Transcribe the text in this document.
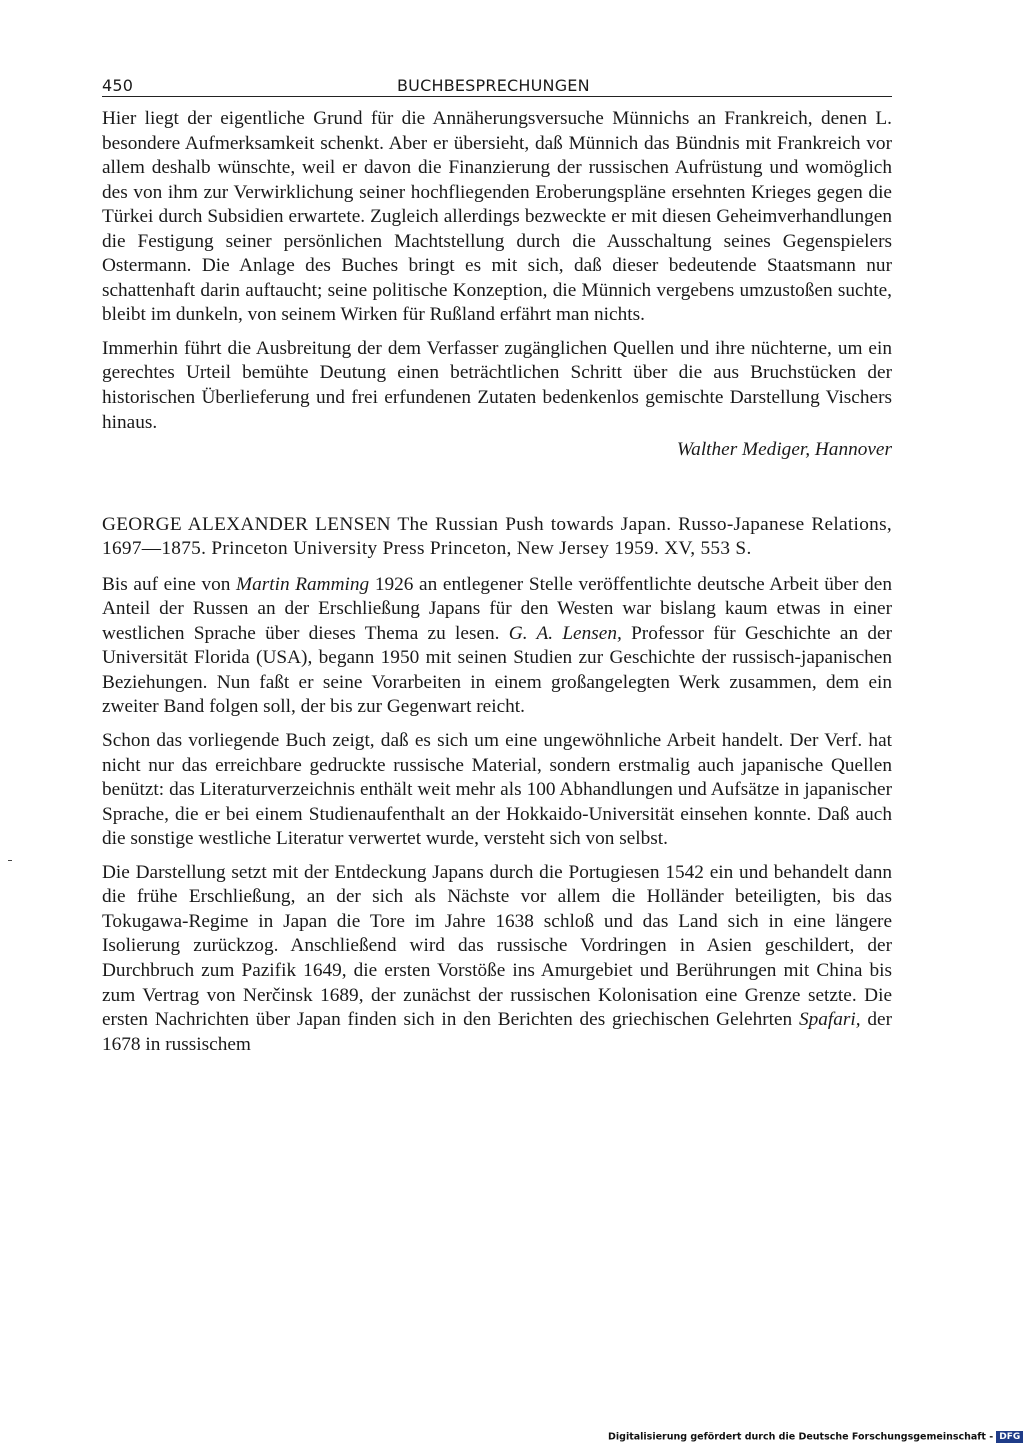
450	BUCHBESPRECHUNGEN

Hier liegt der eigentliche Grund für die Annäherungsversuche Münnichs an Frankreich, denen L. besondere Aufmerksamkeit schenkt. Aber er übersieht, daß Münnich das Bündnis mit Frankreich vor allem deshalb wünschte, weil er davon die Finanzierung der russischen Aufrüstung und womöglich des von ihm zur Verwirklichung seiner hochfliegenden Eroberungspläne ersehnten Krieges gegen die Türkei durch Subsidien erwartete. Zugleich allerdings bezweckte er mit diesen Geheimverhandlungen die Festigung seiner persönlichen Machtstellung durch die Ausschaltung seines Gegenspielers Ostermann. Die Anlage des Buches bringt es mit sich, daß dieser bedeutende Staatsmann nur schattenhaft darin auftaucht; seine politische Konzeption, die Münnich vergebens umzustoßen suchte, bleibt im dunkeln, von seinem Wirken für Rußland erfährt man nichts.

Immerhin führt die Ausbreitung der dem Verfasser zugänglichen Quellen und ihre nüchterne, um ein gerechtes Urteil bemühte Deutung einen beträchtlichen Schritt über die aus Bruchstücken der historischen Überlieferung und frei erfundenen Zutaten bedenkenlos gemischte Darstellung Vischers hinaus.

Walther Mediger, Hannover

GEORGE ALEXANDER LENSEN The Russian Push towards Japan. Russo-Japanese Relations, 1697—1875. Princeton University Press Princeton, New Jersey 1959. XV, 553 S.

Bis auf eine von Martin Ramming 1926 an entlegener Stelle veröffentlichte deutsche Arbeit über den Anteil der Russen an der Erschließung Japans für den Westen war bislang kaum etwas in einer westlichen Sprache über dieses Thema zu lesen. G. A. Lensen, Professor für Geschichte an der Universität Florida (USA), begann 1950 mit seinen Studien zur Geschichte der russisch-japanischen Beziehungen. Nun faßt er seine Vorarbeiten in einem großangelegten Werk zusammen, dem ein zweiter Band folgen soll, der bis zur Gegenwart reicht.

Schon das vorliegende Buch zeigt, daß es sich um eine ungewöhnliche Arbeit handelt. Der Verf. hat nicht nur das erreichbare gedruckte russische Material, sondern erstmalig auch japanische Quellen benützt: das Literaturverzeichnis enthält weit mehr als 100 Abhandlungen und Aufsätze in japanischer Sprache, die er bei einem Studienaufenthalt an der Hokkaido-Universität einsehen konnte. Daß auch die sonstige westliche Literatur verwertet wurde, versteht sich von selbst.

Die Darstellung setzt mit der Entdeckung Japans durch die Portugiesen 1542 ein und behandelt dann die frühe Erschließung, an der sich als Nächste vor allem die Holländer beteiligten, bis das Tokugawa-Regime in Japan die Tore im Jahre 1638 schloß und das Land sich in eine längere Isolierung zurückzog. Anschließend wird das russische Vordringen in Asien geschildert, der Durchbruch zum Pazifik 1649, die ersten Vorstöße ins Amurgebiet und Berührungen mit China bis zum Vertrag von Nerčinsk 1689, der zunächst der russischen Kolonisation eine Grenze setzte. Die ersten Nachrichten über Japan finden sich in den Berichten des griechischen Gelehrten Spafari, der 1678 in russischem

Digitalisierung gefördert durch die Deutsche Forschungsgemeinschaft - DFG
